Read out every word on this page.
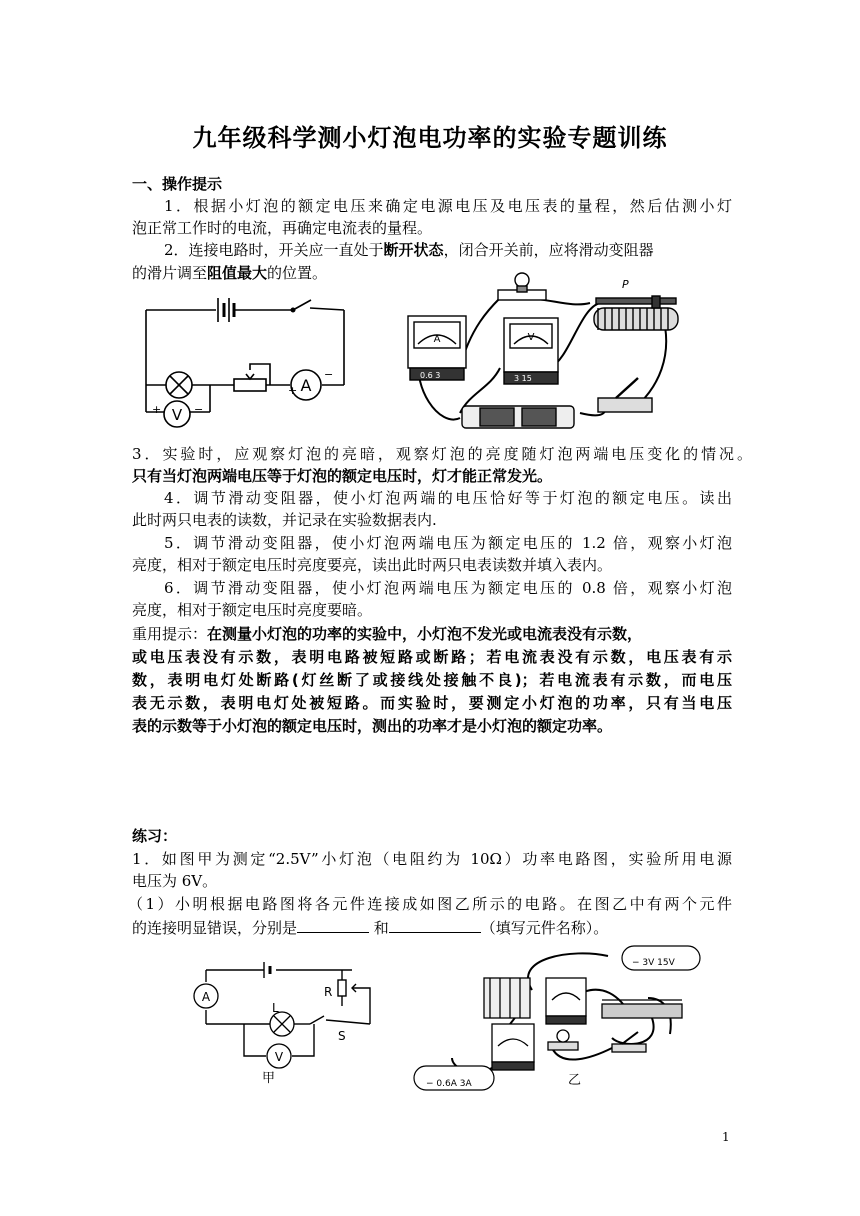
九年级科学测小灯泡电功率的实验专题训练
一、操作提示
1．根据小灯泡的额定电压来确定电源电压及电压表的量程，然后估测小灯
泡正常工作时的电流，再确定电流表的量程。
2．连接电路时，开关应一直处于断开状态，闭合开关前，应将滑动变阻器
的滑片调至阻值最大的位置。
A
V
+	−
+
−
A
0.6 3
V
3 15
P
3．实验时，应观察灯泡的亮暗，观察灯泡的亮度随灯泡两端电压变化的情况。
只有当灯泡两端电压等于灯泡的额定电压时，灯才能正常发光。
4．调节滑动变阻器，使小灯泡两端的电压恰好等于灯泡的额定电压。读出
此时两只电表的读数，并记录在实验数据表内.
5．调节滑动变阻器，使小灯泡两端电压为额定电压的 1.2 倍，观察小灯泡
亮度，相对于额定电压时亮度要亮，读出此时两只电表读数并填入表内。
6．调节滑动变阻器，使小灯泡两端电压为额定电压的 0.8 倍，观察小灯泡
亮度，相对于额定电压时亮度要暗。
重用提示：在测量小灯泡的功率的实验中，小灯泡不发光或电流表没有示数，
或电压表没有示数，表明电路被短路或断路；若电流表没有示数，电压表有示
数，表明电灯处断路(灯丝断了或接线处接触不良)；若电流表有示数，而电压
表无示数，表明电灯处被短路。而实验时，要测定小灯泡的功率，只有当电压
表的示数等于小灯泡的额定电压时，测出的功率才是小灯泡的额定功率。
练习：
1．如图甲为测定“2.5V”小灯泡（电阻约为 10Ω）功率电路图，实验所用电源
电压为 6V。
（1）小明根据电路图将各元件连接成如图乙所示的电路。在图乙中有两个元件
的连接明显错误，分别是	和	（填写元件名称）。
A
V
L
R
S
甲
− 3V 15V
− 0.6A 3A	乙
1
